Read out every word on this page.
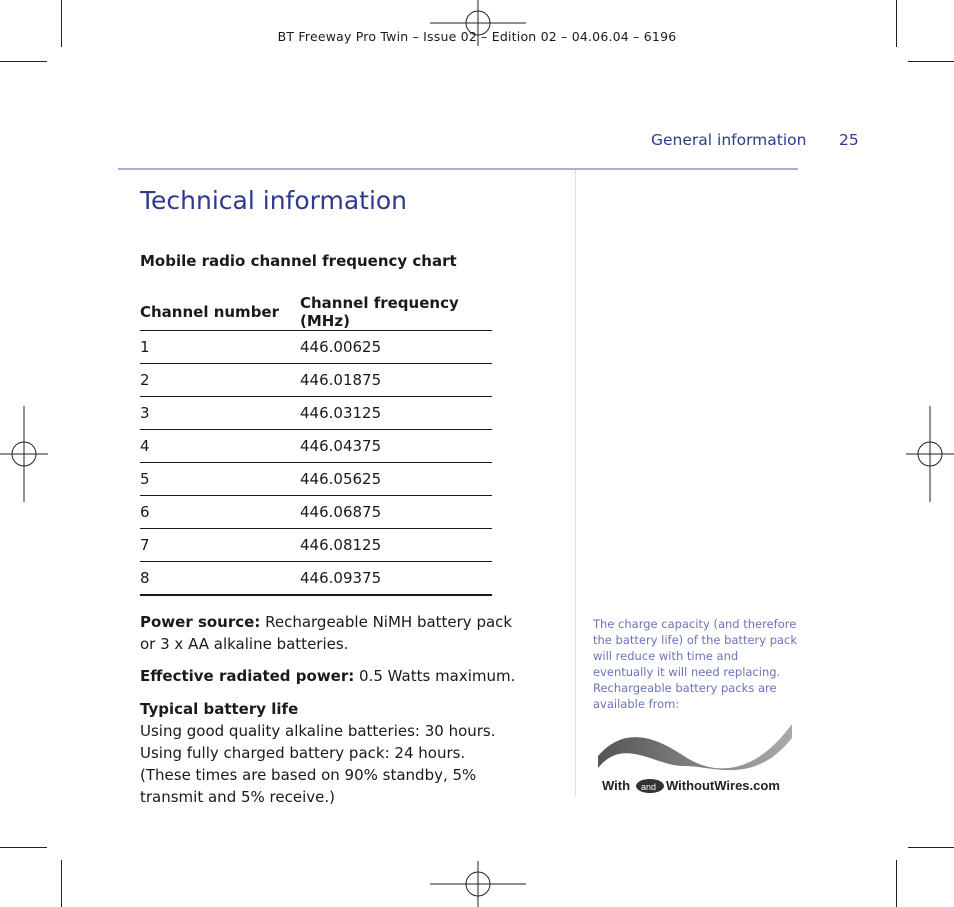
BT Freeway Pro Twin – Issue 02 – Edition 02 – 04.06.04 – 6196
General information 25
Technical information
Mobile radio channel frequency chart
Channel number	Channel frequency (MHz)
1	446.00625
2	446.01875
3	446.03125
4	446.04375
5	446.05625
6	446.06875
7	446.08125
8	446.09375
Power source: Rechargeable NiMH battery pack or 3 x AA alkaline batteries.
Effective radiated power: 0.5 Watts maximum.
Typical battery life
Using good quality alkaline batteries: 30 hours.
Using fully charged battery pack: 24 hours.
(These times are based on 90% standby, 5% transmit and 5% receive.)
The charge capacity (and therefore the battery life) of the battery pack will reduce with time and eventually it will need replacing. Rechargeable battery packs are available from:
With and WithoutWires.com
